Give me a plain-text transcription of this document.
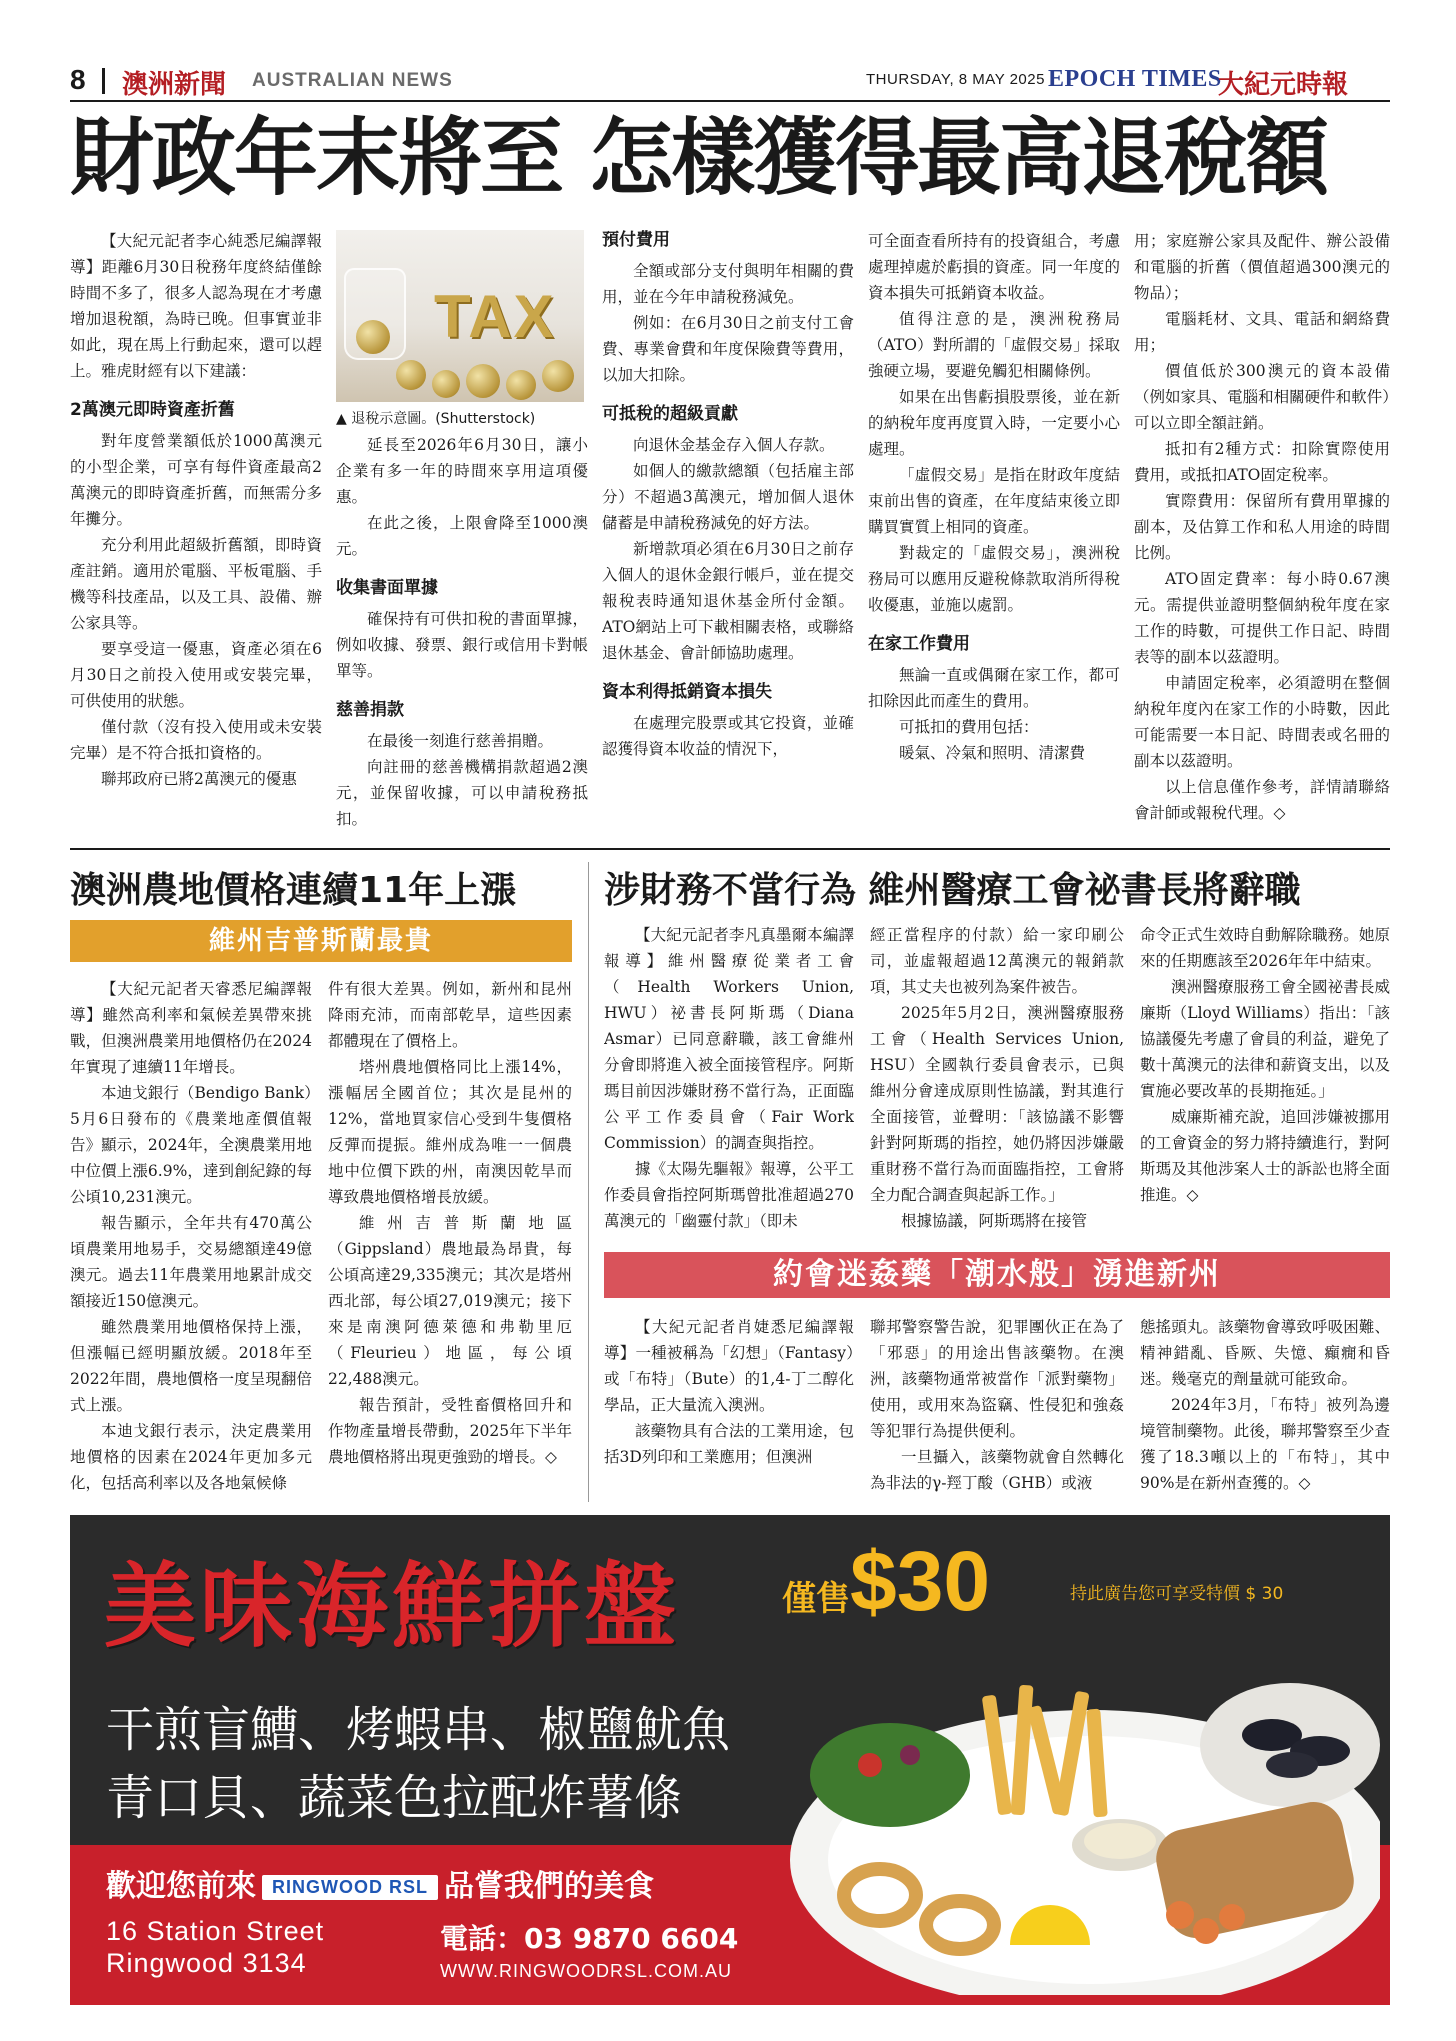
8 澳洲新聞 AUSTRALIAN NEWS	THURSDAY, 8 MAY 2025 EPOCH TIMES
大紀元時報
財政年末將至 怎樣獲得最高退稅額

【大紀元記者李心純悉尼編譯報導】距離6月30日稅務年度終結僅餘時間不多了，很多人認為現在才考慮增加退稅額，為時已晚。但事實並非如此，現在馬上行動起來，還可以趕上。雅虎財經有以下建議：

2萬澳元即時資產折舊

對年度營業額低於1000萬澳元的小型企業，可享有每件資產最高2萬澳元的即時資產折舊，而無需分多年攤分。

充分利用此超級折舊額，即時資產註銷。適用於電腦、平板電腦、手機等科技產品，以及工具、設備、辦公家具等。

要享受這一優惠，資產必須在6月30日之前投入使用或安裝完畢，可供使用的狀態。

僅付款（沒有投入使用或未安裝完畢）是不符合抵扣資格的。

聯邦政府已將2萬澳元的優惠

TAX
▲ 退稅示意圖。(Shutterstock)

延長至2026年6月30日，讓小企業有多一年的時間來享用這項優惠。

在此之後，上限會降至1000澳元。

收集書面單據

確保持有可供扣稅的書面單據，例如收據、發票、銀行或信用卡對帳單等。

慈善捐款

在最後一刻進行慈善捐贈。

向註冊的慈善機構捐款超過2澳元，並保留收據，可以申請稅務抵扣。

預付費用

全額或部分支付與明年相關的費用，並在今年申請稅務減免。

例如：在6月30日之前支付工會費、專業會費和年度保險費等費用，以加大扣除。

可抵稅的超級貢獻

向退休金基金存入個人存款。

如個人的繳款總額（包括雇主部分）不超過3萬澳元，增加個人退休儲蓄是申請稅務減免的好方法。

新增款項必須在6月30日之前存入個人的退休金銀行帳戶，並在提交報稅表時通知退休基金所付金額。ATO網站上可下載相關表格，或聯絡退休基金、會計師協助處理。

資本利得抵銷資本損失

在處理完股票或其它投資，並確認獲得資本收益的情況下，

可全面查看所持有的投資組合，考慮處理掉處於虧損的資產。同一年度的資本損失可抵銷資本收益。

值得注意的是，澳洲稅務局（ATO）對所謂的「虛假交易」採取強硬立場，要避免觸犯相關條例。

如果在出售虧損股票後，並在新的納稅年度再度買入時，一定要小心處理。

「虛假交易」是指在財政年度結束前出售的資產，在年度結束後立即購買實質上相同的資產。

對裁定的「虛假交易」，澳洲稅務局可以應用反避稅條款取消所得稅收優惠，並施以處罰。

在家工作費用

無論一直或偶爾在家工作，都可扣除因此而產生的費用。

可抵扣的費用包括：

暖氣、冷氣和照明、清潔費

用；家庭辦公家具及配件、辦公設備和電腦的折舊（價值超過300澳元的物品）；

電腦耗材、文具、電話和網絡費用；

價值低於300澳元的資本設備（例如家具、電腦和相關硬件和軟件）可以立即全額註銷。

抵扣有2種方式：扣除實際使用費用，或抵扣ATO固定稅率。

實際費用：保留所有費用單據的副本，及估算工作和私人用途的時間比例。

ATO固定費率：每小時0.67澳元。需提供並證明整個納稅年度在家工作的時數，可提供工作日記、時間表等的副本以茲證明。

申請固定稅率，必須證明在整個納稅年度內在家工作的小時數，因此可能需要一本日記、時間表或名冊的副本以茲證明。

以上信息僅作參考，詳情請聯絡會計師或報稅代理。◇

澳洲農地價格連續11年上漲
維州吉普斯蘭最貴

【大紀元記者天睿悉尼編譯報導】雖然高利率和氣候差異帶來挑戰，但澳洲農業用地價格仍在2024年實現了連續11年增長。

本迪戈銀行（Bendigo Bank）5月6日發布的《農業地產價值報告》顯示，2024年，全澳農業用地中位價上漲6.9%，達到創紀錄的每公頃10,231澳元。

報告顯示，全年共有470萬公頃農業用地易手，交易總額達49億澳元。過去11年農業用地累計成交額接近150億澳元。

雖然農業用地價格保持上漲，但漲幅已經明顯放緩。2018年至2022年間，農地價格一度呈現翻倍式上漲。

本迪戈銀行表示，決定農業用地價格的因素在2024年更加多元化，包括高利率以及各地氣候條

件有很大差異。例如，新州和昆州降雨充沛，而南部乾旱，這些因素都體現在了價格上。

塔州農地價格同比上漲14%，漲幅居全國首位；其次是昆州的12%，當地買家信心受到牛隻價格反彈而提振。維州成為唯一一個農地中位價下跌的州，南澳因乾旱而導致農地價格增長放緩。

維州吉普斯蘭地區（Gippsland）農地最為昂貴，每公頃高達29,335澳元；其次是塔州西北部，每公頃27,019澳元；接下來是南澳阿德萊德和弗勒里厄（Fleurieu）地區，每公頃22,488澳元。

報告預計，受牲畜價格回升和作物產量增長帶動，2025年下半年農地價格將出現更強勁的增長。◇

涉財務不當行為 維州醫療工會祕書長將辭職

【大紀元記者李凡真墨爾本編譯報導】維州醫療從業者工會（Health Workers Union, HWU）祕書長阿斯瑪（Diana Asmar）已同意辭職，該工會維州分會即將進入被全面接管程序。阿斯瑪目前因涉嫌財務不當行為，正面臨公平工作委員會（Fair Work Commission）的調查與指控。

據《太陽先驅報》報導，公平工作委員會指控阿斯瑪曾批准超過270萬澳元的「幽靈付款」（即未

經正當程序的付款）給一家印刷公司，並虛報超過12萬澳元的報銷款項，其丈夫也被列為案件被告。

2025年5月2日，澳洲醫療服務工會（Health Services Union, HSU）全國執行委員會表示，已與維州分會達成原則性協議，對其進行全面接管，並聲明：「該協議不影響針對阿斯瑪的指控，她仍將因涉嫌嚴重財務不當行為而面臨指控，工會將全力配合調查與起訴工作。」

根據協議，阿斯瑪將在接管

命令正式生效時自動解除職務。她原來的任期應該至2026年年中結束。

澳洲醫療服務工會全國祕書長威廉斯（Lloyd Williams）指出：「該協議優先考慮了會員的利益，避免了數十萬澳元的法律和薪資支出，以及實施必要改革的長期拖延。」

威廉斯補充說，追回涉嫌被挪用的工會資金的努力將持續進行，對阿斯瑪及其他涉案人士的訴訟也將全面推進。◇

約會迷姦藥「潮水般」湧進新州

【大紀元記者肖婕悉尼編譯報導】一種被稱為「幻想」（Fantasy）或「布特」（Bute）的1,4-丁二醇化學品，正大量流入澳洲。

該藥物具有合法的工業用途，包括3D列印和工業應用；但澳洲

聯邦警察警告說，犯罪團伙正在為了「邪惡」的用途出售該藥物。在澳洲，該藥物通常被當作「派對藥物」使用，或用來為盜竊、性侵犯和強姦等犯罪行為提供便利。

一旦攝入，該藥物就會自然轉化為非法的γ-羥丁酸（GHB）或液

態搖頭丸。該藥物會導致呼吸困難、精神錯亂、昏厥、失憶、癲癇和昏迷。幾毫克的劑量就可能致命。

2024年3月，「布特」被列為邊境管制藥物。此後，聯邦警察至少查獲了18.3噸以上的「布特」，其中90%是在新州查獲的。◇

美味海鮮拼盤	僅售 $30	持此廣告您可享受特價 $ 30
干煎盲鰽、烤蝦串、椒鹽魷魚
青口貝、蔬菜色拉配炸薯條
歡迎您前來 RINGWOOD RSL 品嘗我們的美食
16 Station Street
Ringwood 3134
電話：03 9870 6604
WWW.RINGWOODRSL.COM.AU
